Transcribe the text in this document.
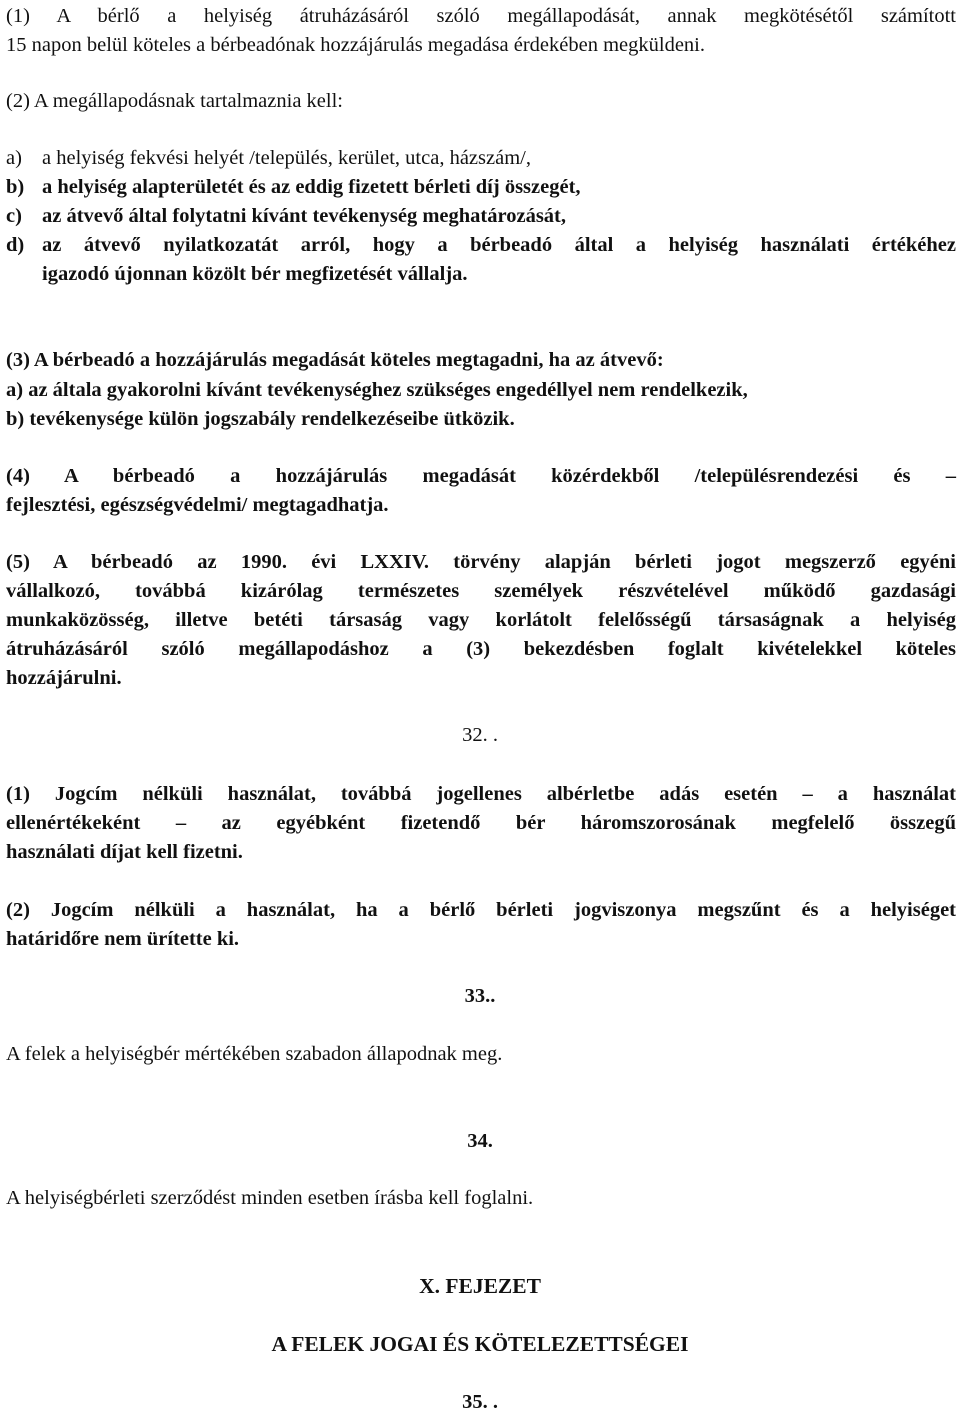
(1) A bérlő a helyiség átruházásáról szóló megállapodását, annak megkötésétől számított
15 napon belül köteles a bérbeadónak hozzájárulás megadása érdekében megküldeni.
(2) A megállapodásnak tartalmaznia kell:
a) a helyiség fekvési helyét /település, kerület, utca, házszám/,
b) a helyiség alapterületét és az eddig fizetett bérleti díj összegét,
c) az átvevő által folytatni kívánt tevékenység meghatározását,
d) az átvevő nyilatkozatát arról, hogy a bérbeadó által a helyiség használati értékéhez
igazodó újonnan közölt bér megfizetését vállalja.
(3) A bérbeadó a hozzájárulás megadását köteles megtagadni, ha az átvevő:
a) az általa gyakorolni kívánt tevékenységhez szükséges engedéllyel nem rendelkezik,
b) tevékenysége külön jogszabály rendelkezéseibe ütközik.
(4) A bérbeadó a hozzájárulás megadását közérdekből /településrendezési és –
fejlesztési, egészségvédelmi/ megtagadhatja.
(5) A bérbeadó az 1990. évi LXXIV. törvény alapján bérleti jogot megszerző egyéni
vállalkozó, továbbá kizárólag természetes személyek részvételével működő gazdasági
munkaközösség, illetve betéti társaság vagy korlátolt felelősségű társaságnak a helyiség
átruházásáról szóló megállapodáshoz a (3) bekezdésben foglalt kivételekkel köteles
hozzájárulni.
32. .
(1) Jogcím nélküli használat, továbbá jogellenes albérletbe adás esetén – a használat
ellenértékeként – az egyébként fizetendő bér háromszorosának megfelelő összegű
használati díjat kell fizetni.
(2) Jogcím nélküli a használat, ha a bérlő bérleti jogviszonya megszűnt és a helyiséget
határidőre nem ürítette ki.
33..
A felek a helyiségbér mértékében szabadon állapodnak meg.
34.
A helyiségbérleti szerződést minden esetben írásba kell foglalni.
X. FEJEZET
A FELEK JOGAI ÉS KÖTELEZETTSÉGEI
35. .
